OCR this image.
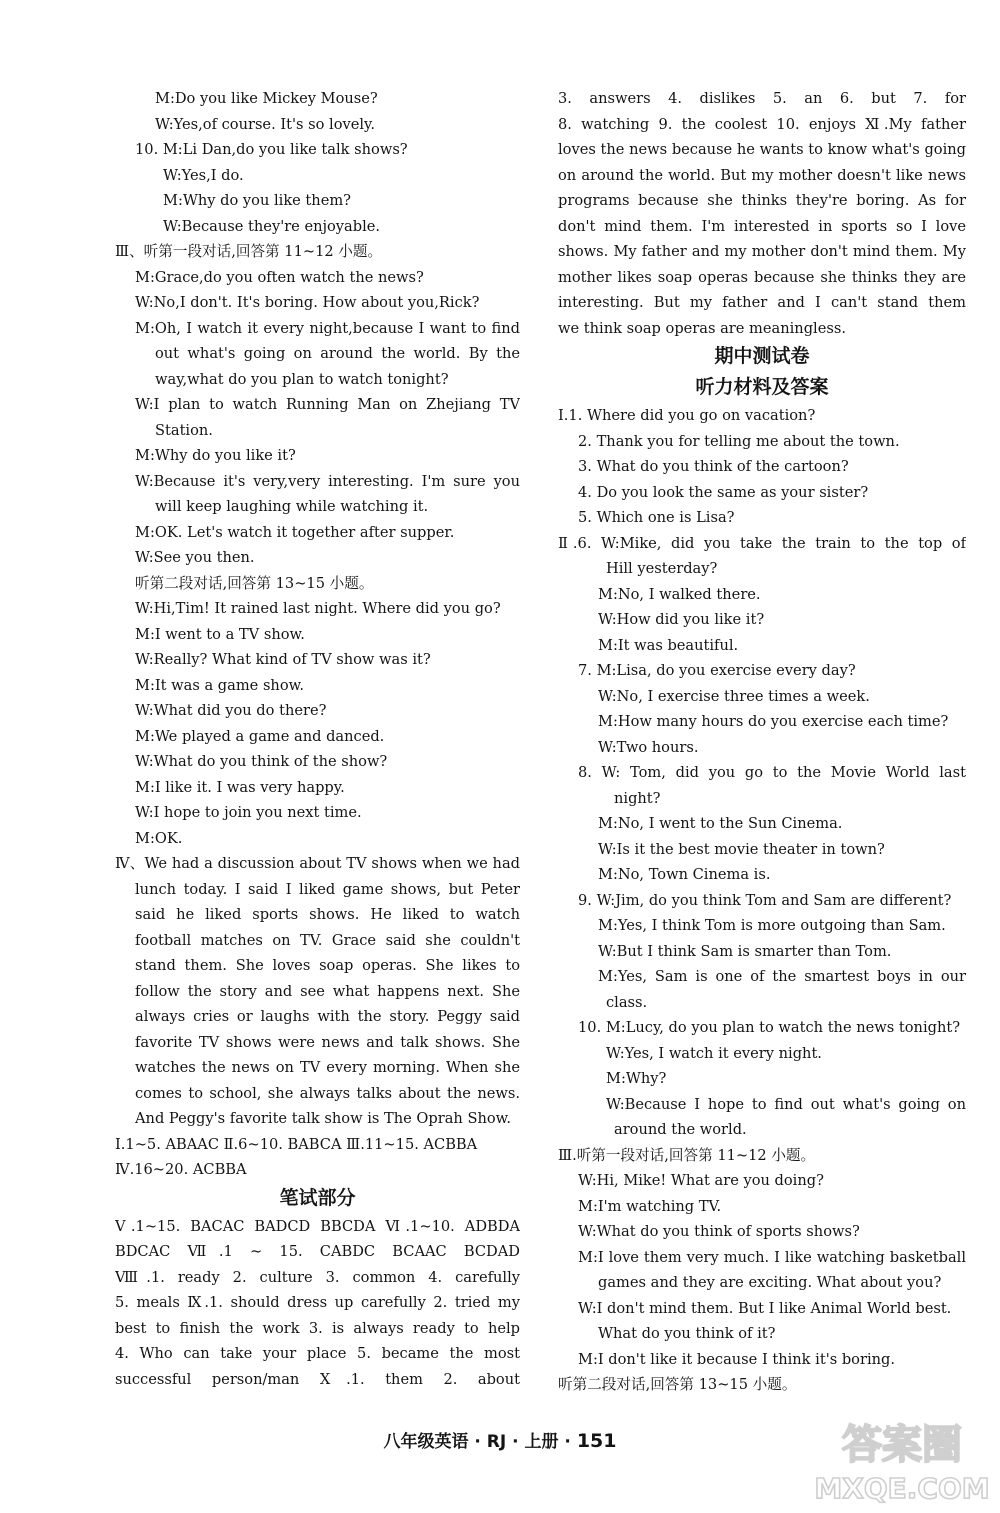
M:Do you like Mickey Mouse?
W:Yes,of course. It's so lovely.
10. M:Li Dan,do you like talk shows?
W:Yes,I do.
M:Why do you like them?
W:Because they're enjoyable.
Ⅲ、听第一段对话,回答第 11~12 小题。
M:Grace,do you often watch the news?
W:No,I don't. It's boring. How about you,Rick?
M:Oh, I watch it every night,because I want to find
out what's going on around the world. By the
way,what do you plan to watch tonight?
W:I plan to watch Running Man on Zhejiang TV
Station.
M:Why do you like it?
W:Because it's very,very interesting. I'm sure you
will keep laughing while watching it.
M:OK. Let's watch it together after supper.
W:See you then.
听第二段对话,回答第 13~15 小题。
W:Hi,Tim! It rained last night. Where did you go?
M:I went to a TV show.
W:Really? What kind of TV show was it?
M:It was a game show.
W:What did you do there?
M:We played a game and danced.
W:What do you think of the show?
M:I like it. I was very happy.
W:I hope to join you next time.
M:OK.
Ⅳ、We had a discussion about TV shows when we had
lunch today. I said I liked game shows, but Peter
said he liked sports shows. He liked to watch
football matches on TV. Grace said she couldn't
stand them. She loves soap operas. She likes to
follow the story and see what happens next. She
always cries or laughs with the story. Peggy said
favorite TV shows were news and talk shows. She
watches the news on TV every morning. When she
comes to school, she always talks about the news.
And Peggy's favorite talk show is The Oprah Show.
Ⅰ.1~5. ABAAC Ⅱ.6~10. BABCA Ⅲ.11~15. ACBBA
Ⅳ.16~20. ACBBA
笔试部分
Ⅴ.1~15. BACAC BADCD BBCDA Ⅵ.1~10. ADBDA
BDCAC Ⅶ.1 ~ 15. CABDC BCAAC BCDAD
Ⅷ.1. ready 2. culture 3. common 4. carefully
5. meals Ⅸ.1. should dress up carefully 2. tried my
best to finish the work 3. is always ready to help
4. Who can take your place 5. became the most
successful person/man Ⅹ.1. them 2. about
3. answers 4. dislikes 5. an 6. but 7. for
8. watching 9. the coolest 10. enjoys Ⅺ.My father
loves the news because he wants to know what's going
on around the world. But my mother doesn't like news
programs because she thinks they're boring. As for
don't mind them. I'm interested in sports so I love
shows. My father and my mother don't mind them. My
mother likes soap operas because she thinks they are
interesting. But my father and I can't stand them
we think soap operas are meaningless.
期中测试卷
听力材料及答案
Ⅰ.1. Where did you go on vacation?
2. Thank you for telling me about the town.
3. What do you think of the cartoon?
4. Do you look the same as your sister?
5. Which one is Lisa?
Ⅱ.6. W:Mike, did you take the train to the top of
Hill yesterday?
M:No, I walked there.
W:How did you like it?
M:It was beautiful.
7. M:Lisa, do you exercise every day?
W:No, I exercise three times a week.
M:How many hours do you exercise each time?
W:Two hours.
8. W: Tom, did you go to the Movie World last
night?
M:No, I went to the Sun Cinema.
W:Is it the best movie theater in town?
M:No, Town Cinema is.
9. W:Jim, do you think Tom and Sam are different?
M:Yes, I think Tom is more outgoing than Sam.
W:But I think Sam is smarter than Tom.
M:Yes, Sam is one of the smartest boys in our
class.
10. M:Lucy, do you plan to watch the news tonight?
W:Yes, I watch it every night.
M:Why?
W:Because I hope to find out what's going on
around the world.
Ⅲ.听第一段对话,回答第 11~12 小题。
W:Hi, Mike! What are you doing?
M:I'm watching TV.
W:What do you think of sports shows?
M:I love them very much. I like watching basketball
games and they are exciting. What about you?
W:I don't mind them. But I like Animal World best.
What do you think of it?
M:I don't like it because I think it's boring.
听第二段对话,回答第 13~15 小题。
八年级英语 · RJ · 上册 · 151	答案圈
MXQE.COM
